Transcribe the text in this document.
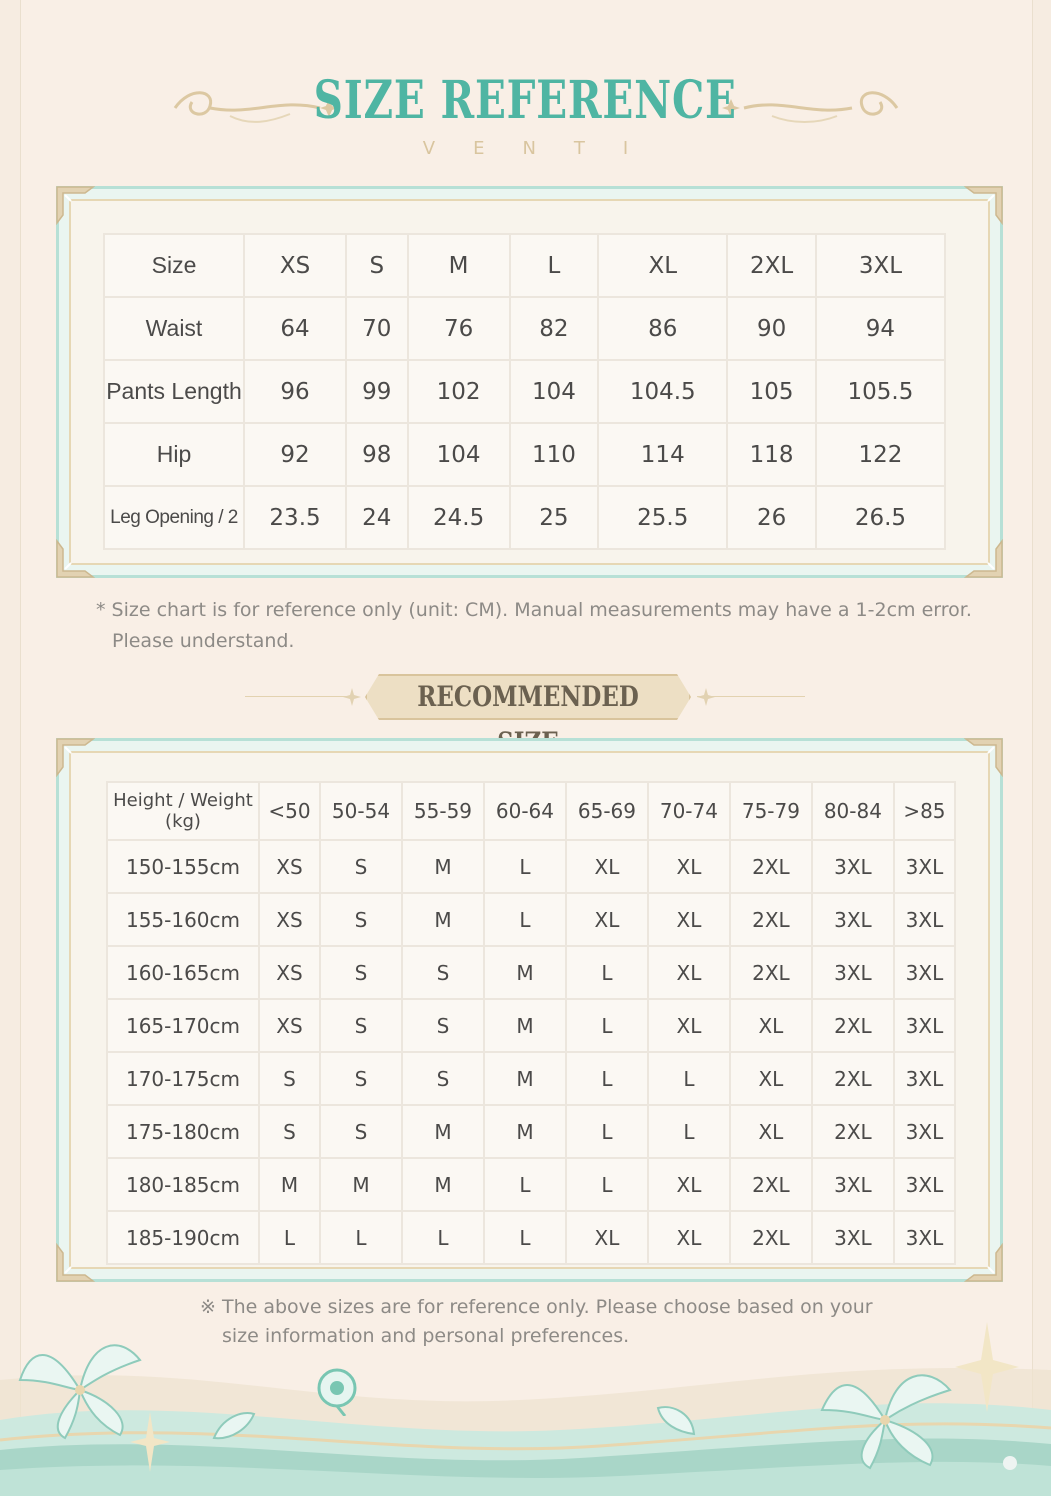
SIZE REFERENCE
VENTI
Size	XS	S	M	L	XL	2XL	3XL
Waist	64	70	76	82	86	90	94
Pants Length	96	99	102	104	104.5	105	105.5
Hip	92	98	104	110	114	118	122
Leg Opening / 2	23.5	24	24.5	25	25.5	26	26.5
* Size chart is for reference only (unit: CM). Manual measurements may have a 1-2cm error.
Please understand.
RECOMMENDED
Height / Weight
(kg)	<50	50-54	55-59	60-64	65-69	70-74	75-79	80-84	>85
150-155cm	XS	S	M	L	XL	XL	2XL	3XL	3XL
155-160cm	XS	S	M	L	XL	XL	2XL	3XL	3XL
160-165cm	XS	S	S	M	L	XL	2XL	3XL	3XL
165-170cm	XS	S	S	M	L	XL	XL	2XL	3XL
170-175cm	S	S	S	M	L	L	XL	2XL	3XL
175-180cm	S	S	M	M	L	L	XL	2XL	3XL
180-185cm	M	M	M	L	L	XL	2XL	3XL	3XL
185-190cm	L	L	L	L	XL	XL	2XL	3XL	3XL
※ The above sizes are for reference only. Please choose based on your
size information and personal preferences.
